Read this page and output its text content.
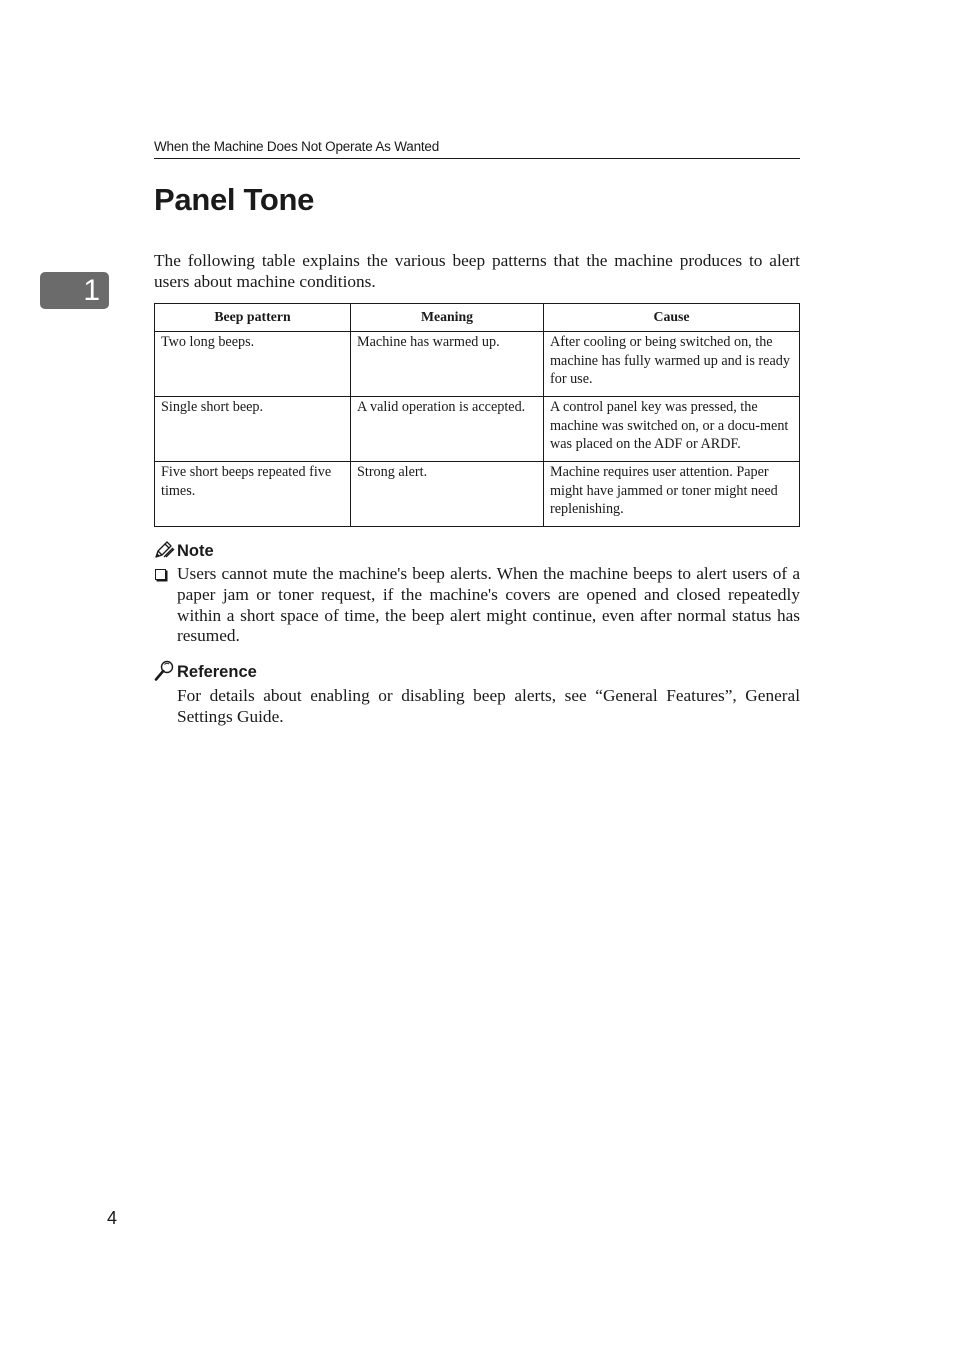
When the Machine Does Not Operate As Wanted
Panel Tone
1

The following table explains the various beep patterns that the machine produces to alert users about machine conditions.

Beep pattern	Meaning	Cause
Two long beeps.	Machine has warmed up.	After cooling or being switched on, the machine has fully warmed up and is ready for use.
Single short beep.	A valid operation is accepted.	A control panel key was pressed, the machine was switched on, or a docu-ment was placed on the ADF or ARDF.
Five short beeps repeated five times.	Strong alert.	Machine requires user attention. Paper might have jammed or toner might need replenishing.
Note

Users cannot mute the machine's beep alerts. When the machine beeps to alert users of a paper jam or toner request, if the machine's covers are opened and closed repeatedly within a short space of time, the beep alert might continue, even after normal status has resumed.

Reference

For details about enabling or disabling beep alerts, see “General Features”, General Settings Guide.

4
